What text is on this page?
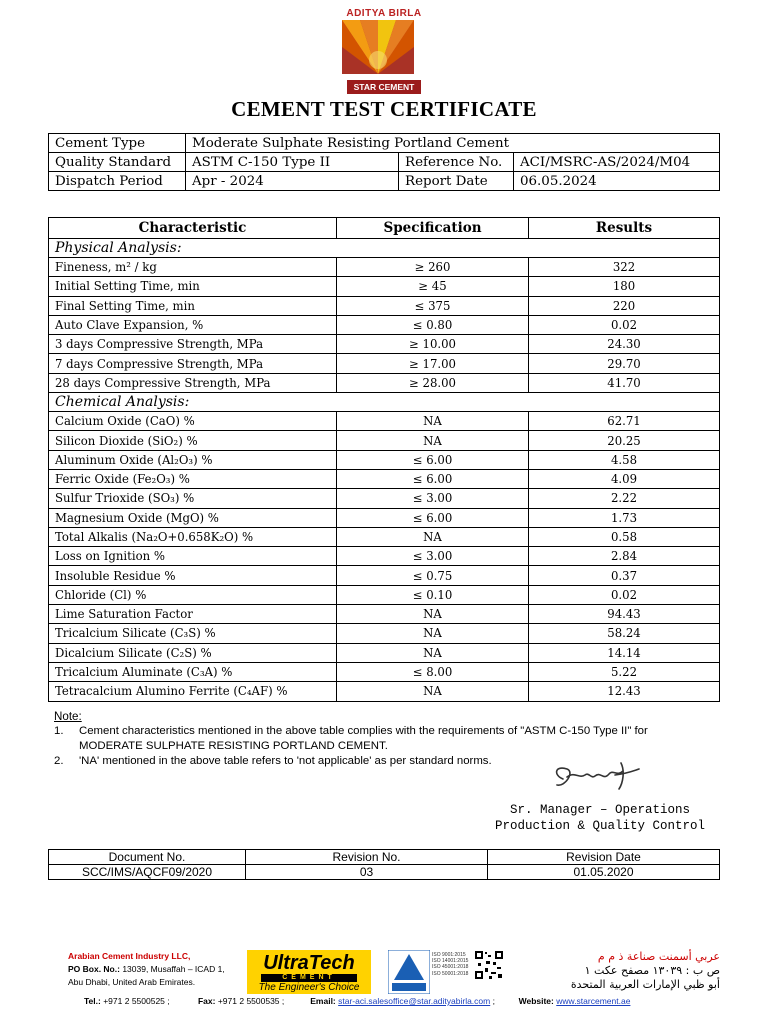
ADITYA BIRLA
STAR CEMENT
CEMENT TEST CERTIFICATE
Cement Type	Moderate Sulphate Resisting Portland Cement		
Quality Standard	ASTM C-150 Type II	Reference No.	ACI/MSRC-AS/2024/M04
Dispatch Period	Apr - 2024	Report Date	06.05.2024
Characteristic	Specification	Results
Physical Analysis:		
Fineness, m² / kg	≥ 260	322
Initial Setting Time, min	≥ 45	180
Final Setting Time, min	≤ 375	220
Auto Clave Expansion, %	≤ 0.80	0.02
3 days Compressive Strength, MPa	≥ 10.00	24.30
7 days Compressive Strength, MPa	≥ 17.00	29.70
28 days Compressive Strength, MPa	≥ 28.00	41.70
Chemical Analysis:		
Calcium Oxide (CaO) %	NA	62.71
Silicon Dioxide (SiO₂) %	NA	20.25
Aluminum Oxide (Al₂O₃) %	≤ 6.00	4.58
Ferric Oxide (Fe₂O₃) %	≤ 6.00	4.09
Sulfur Trioxide (SO₃) %	≤ 3.00	2.22
Magnesium Oxide (MgO) %	≤ 6.00	1.73
Total Alkalis (Na₂O+0.658K₂O) %	NA	0.58
Loss on Ignition %	≤ 3.00	2.84
Insoluble Residue %	≤ 0.75	0.37
Chloride (Cl) %	≤ 0.10	0.02
Lime Saturation Factor	NA	94.43
Tricalcium Silicate (C₃S) %	NA	58.24
Dicalcium Silicate (C₂S) %	NA	14.14
Tricalcium Aluminate (C₃A) %	≤ 8.00	5.22
Tetracalcium Alumino Ferrite (C₄AF) %	NA	12.43
Note:
1.	Cement characteristics mentioned in the above table complies with the requirements of "ASTM C-150 Type II" for
MODERATE SULPHATE RESISTING PORTLAND CEMENT.
2.	'NA' mentioned in the above table refers to 'not applicable' as per standard norms.
Sr. Manager – Operations
Production & Quality Control
Document No.	Revision No.	Revision Date
SCC/IMS/AQCF09/2020	03	01.05.2020
Arabian Cement Industry LLC,
PO Box. No.: 13039, Musaffah – ICAD 1,
Abu Dhabi, United Arab Emirates.
UltraTech
CEMENT
The Engineer's Choice
ISO 9001:2015
ISO 14001:2015
ISO 45001:2018
ISO 50001:2018
عربي أسمنت صناعة ذ م م
ص ب : ١٣٠٣٩ مصفح عكت ١
أبو ظبي الإمارات العربية المتحدة
Tel.: +971 2 5500525 ;	Fax: +971 2 5500535 ;	Email: star-aci.salesoffice@star.adityabirla.com ;	Website: www.starcement.ae
